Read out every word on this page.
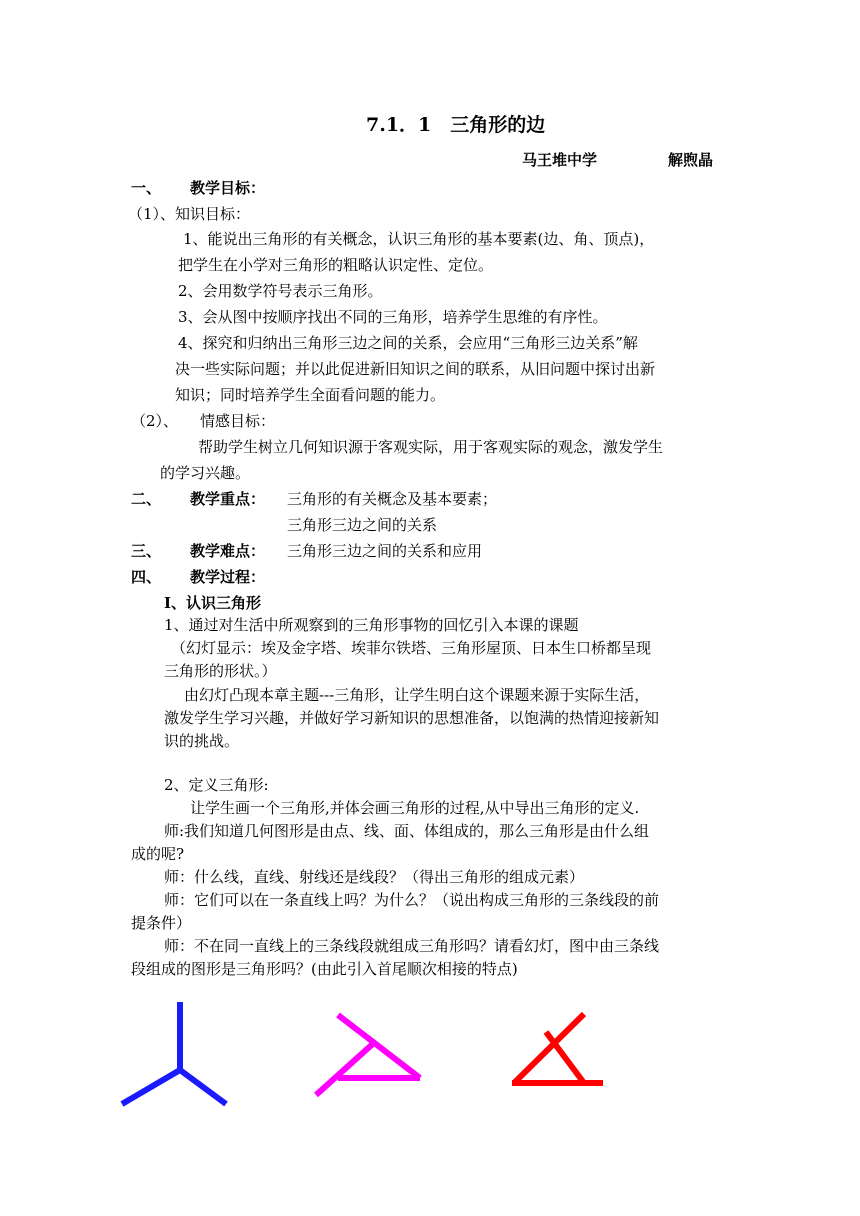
7.1．1　三角形的边
马王堆中学	解煦晶
一、 教学目标：
（1）、知识目标：
1、能说出三角形的有关概念，认识三角形的基本要素(边、角、顶点)，
把学生在小学对三角形的粗略认识定性、定位。
2、会用数学符号表示三角形。
3、会从图中按顺序找出不同的三角形，培养学生思维的有序性。
4、探究和归纳出三角形三边之间的关系，会应用“三角形三边关系”解
决一些实际问题；并以此促进新旧知识之间的联系，从旧问题中探讨出新
知识；同时培养学生全面看问题的能力。
（2）、 情感目标：
帮助学生树立几何知识源于客观实际，用于客观实际的观念，激发学生
的学习兴趣。
二、 教学重点： 三角形的有关概念及基本要素；
三角形三边之间的关系
三、 教学难点： 三角形三边之间的关系和应用
四、 教学过程：
I、认识三角形
1、通过对生活中所观察到的三角形事物的回忆引入本课的课题
（幻灯显示：埃及金字塔、埃菲尔铁塔、三角形屋顶、日本生口桥都呈现
三角形的形状。）
由幻灯凸现本章主题---三角形，让学生明白这个课题来源于实际生活，
激发学生学习兴趣，并做好学习新知识的思想准备，以饱满的热情迎接新知
识的挑战。
2、定义三角形:
让学生画一个三角形,并体会画三角形的过程,从中导出三角形的定义.
师:我们知道几何图形是由点、线、面、体组成的，那么三角形是由什么组
成的呢?
师：什么线，直线、射线还是线段？（得出三角形的组成元素）
师：它们可以在一条直线上吗？为什么？（说出构成三角形的三条线段的前
提条件）
师：不在同一直线上的三条线段就组成三角形吗？请看幻灯，图中由三条线
段组成的图形是三角形吗？(由此引入首尾顺次相接的特点)
